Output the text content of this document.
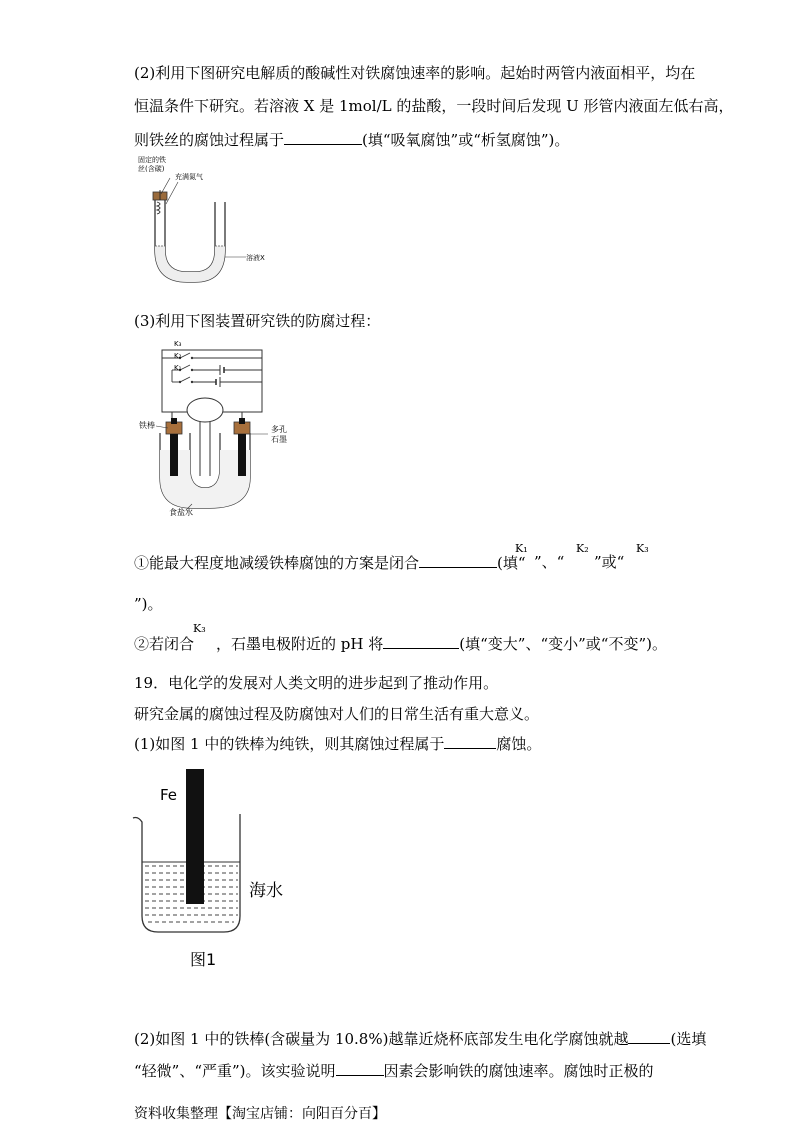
(2)利用下图研究电解质的酸碱性对铁腐蚀速率的影响。起始时两管内液面相平，均在
恒温条件下研究。若溶液 X 是 1mol/L 的盐酸，一段时间后发现 U 形管内液面左低右高，
则铁丝的腐蚀过程属于	(填“吸氧腐蚀”或“析氢腐蚀”)。
固定的铁
丝(含碳)
充满氮气
溶液X
(3)利用下图装置研究铁的防腐过程：
K₃
K₂
K₁
铁棒	多孔
石墨
食盐水
①能最大程度地减缓铁棒腐蚀的方案是闭合	(填“
K₁
”、“
K₂
”或“
K₃
”)。
②若闭合 ，石墨电极附近的 pH 将	(填“变大”、“变小”或“不变”)。
K₃
19．电化学的发展对人类文明的进步起到了推动作用。
研究金属的腐蚀过程及防腐蚀对人们的日常生活有重大意义。
(1)如图 1 中的铁棒为纯铁，则其腐蚀过程属于	腐蚀。
Fe
海水
图1
(2)如图 1 中的铁棒(含碳量为 10.8%)越靠近烧杯底部发生电化学腐蚀就越	(选填
“轻微”、“严重”)。该实验说明	因素会影响铁的腐蚀速率。腐蚀时正极的
资料收集整理【淘宝店铺：向阳百分百】
